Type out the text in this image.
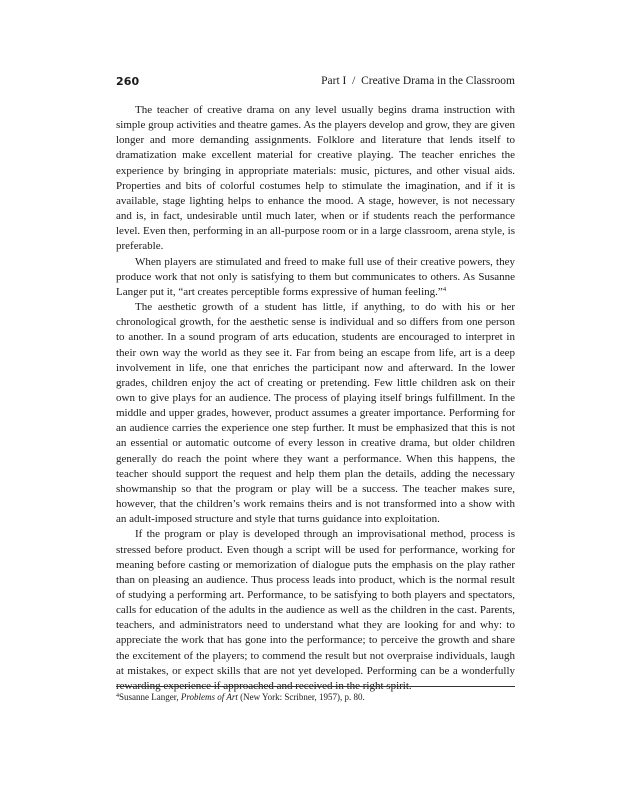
260	Part I  /  Creative Drama in the Classroom

The teacher of creative drama on any level usually begins drama instruction with simple group activities and theatre games. As the players develop and grow, they are given longer and more demanding assignments. Folklore and literature that lends itself to dramatization make excellent material for creative playing. The teacher enriches the experience by bringing in appropriate materials: music, pictures, and other visual aids. Properties and bits of colorful costumes help to stimulate the imagination, and if it is available, stage lighting helps to enhance the mood. A stage, however, is not necessary and is, in fact, undesirable until much later, when or if students reach the performance level. Even then, performing in an all-purpose room or in a large classroom, arena style, is preferable.

When players are stimulated and freed to make full use of their creative powers, they produce work that not only is satisfying to them but communicates to others. As Susanne Langer put it, “art creates perceptible forms expressive of human feeling.”$^4$

The aesthetic growth of a student has little, if anything, to do with his or her chronological growth, for the aesthetic sense is individual and so differs from one person to another. In a sound program of arts education, students are encouraged to interpret in their own way the world as they see it. Far from being an escape from life, art is a deep involvement in life, one that enriches the participant now and afterward. In the lower grades, children enjoy the act of creating or pretending. Few little children ask on their own to give plays for an audience. The process of playing itself brings fulfillment. In the middle and upper grades, however, product assumes a greater importance. Performing for an audience carries the experience one step further. It must be emphasized that this is not an essential or automatic outcome of every lesson in creative drama, but older children generally do reach the point where they want a performance. When this happens, the teacher should support the request and help them plan the details, adding the necessary showmanship so that the program or play will be a success. The teacher makes sure, however, that the children’s work remains theirs and is not transformed into a show with an adult-imposed structure and style that turns guidance into exploitation.

If the program or play is developed through an improvisational method, process is stressed before product. Even though a script will be used for performance, working for meaning before casting or memorization of dialogue puts the emphasis on the play rather than on pleasing an audience. Thus process leads into product, which is the normal result of studying a performing art. Performance, to be satisfying to both players and spectators, calls for education of the adults in the audience as well as the children in the cast. Parents, teachers, and administrators need to understand what they are looking for and why: to appreciate the work that has gone into the performance; to perceive the growth and share the excitement of the players; to commend the result but not overpraise individuals, laugh at mistakes, or expect skills that are not yet developed. Performing can be a wonderfully rewarding experience if approached and received in the right spirit.

$^4$Susanne Langer, Problems of Art (New York: Scribner, 1957), p. 80.
